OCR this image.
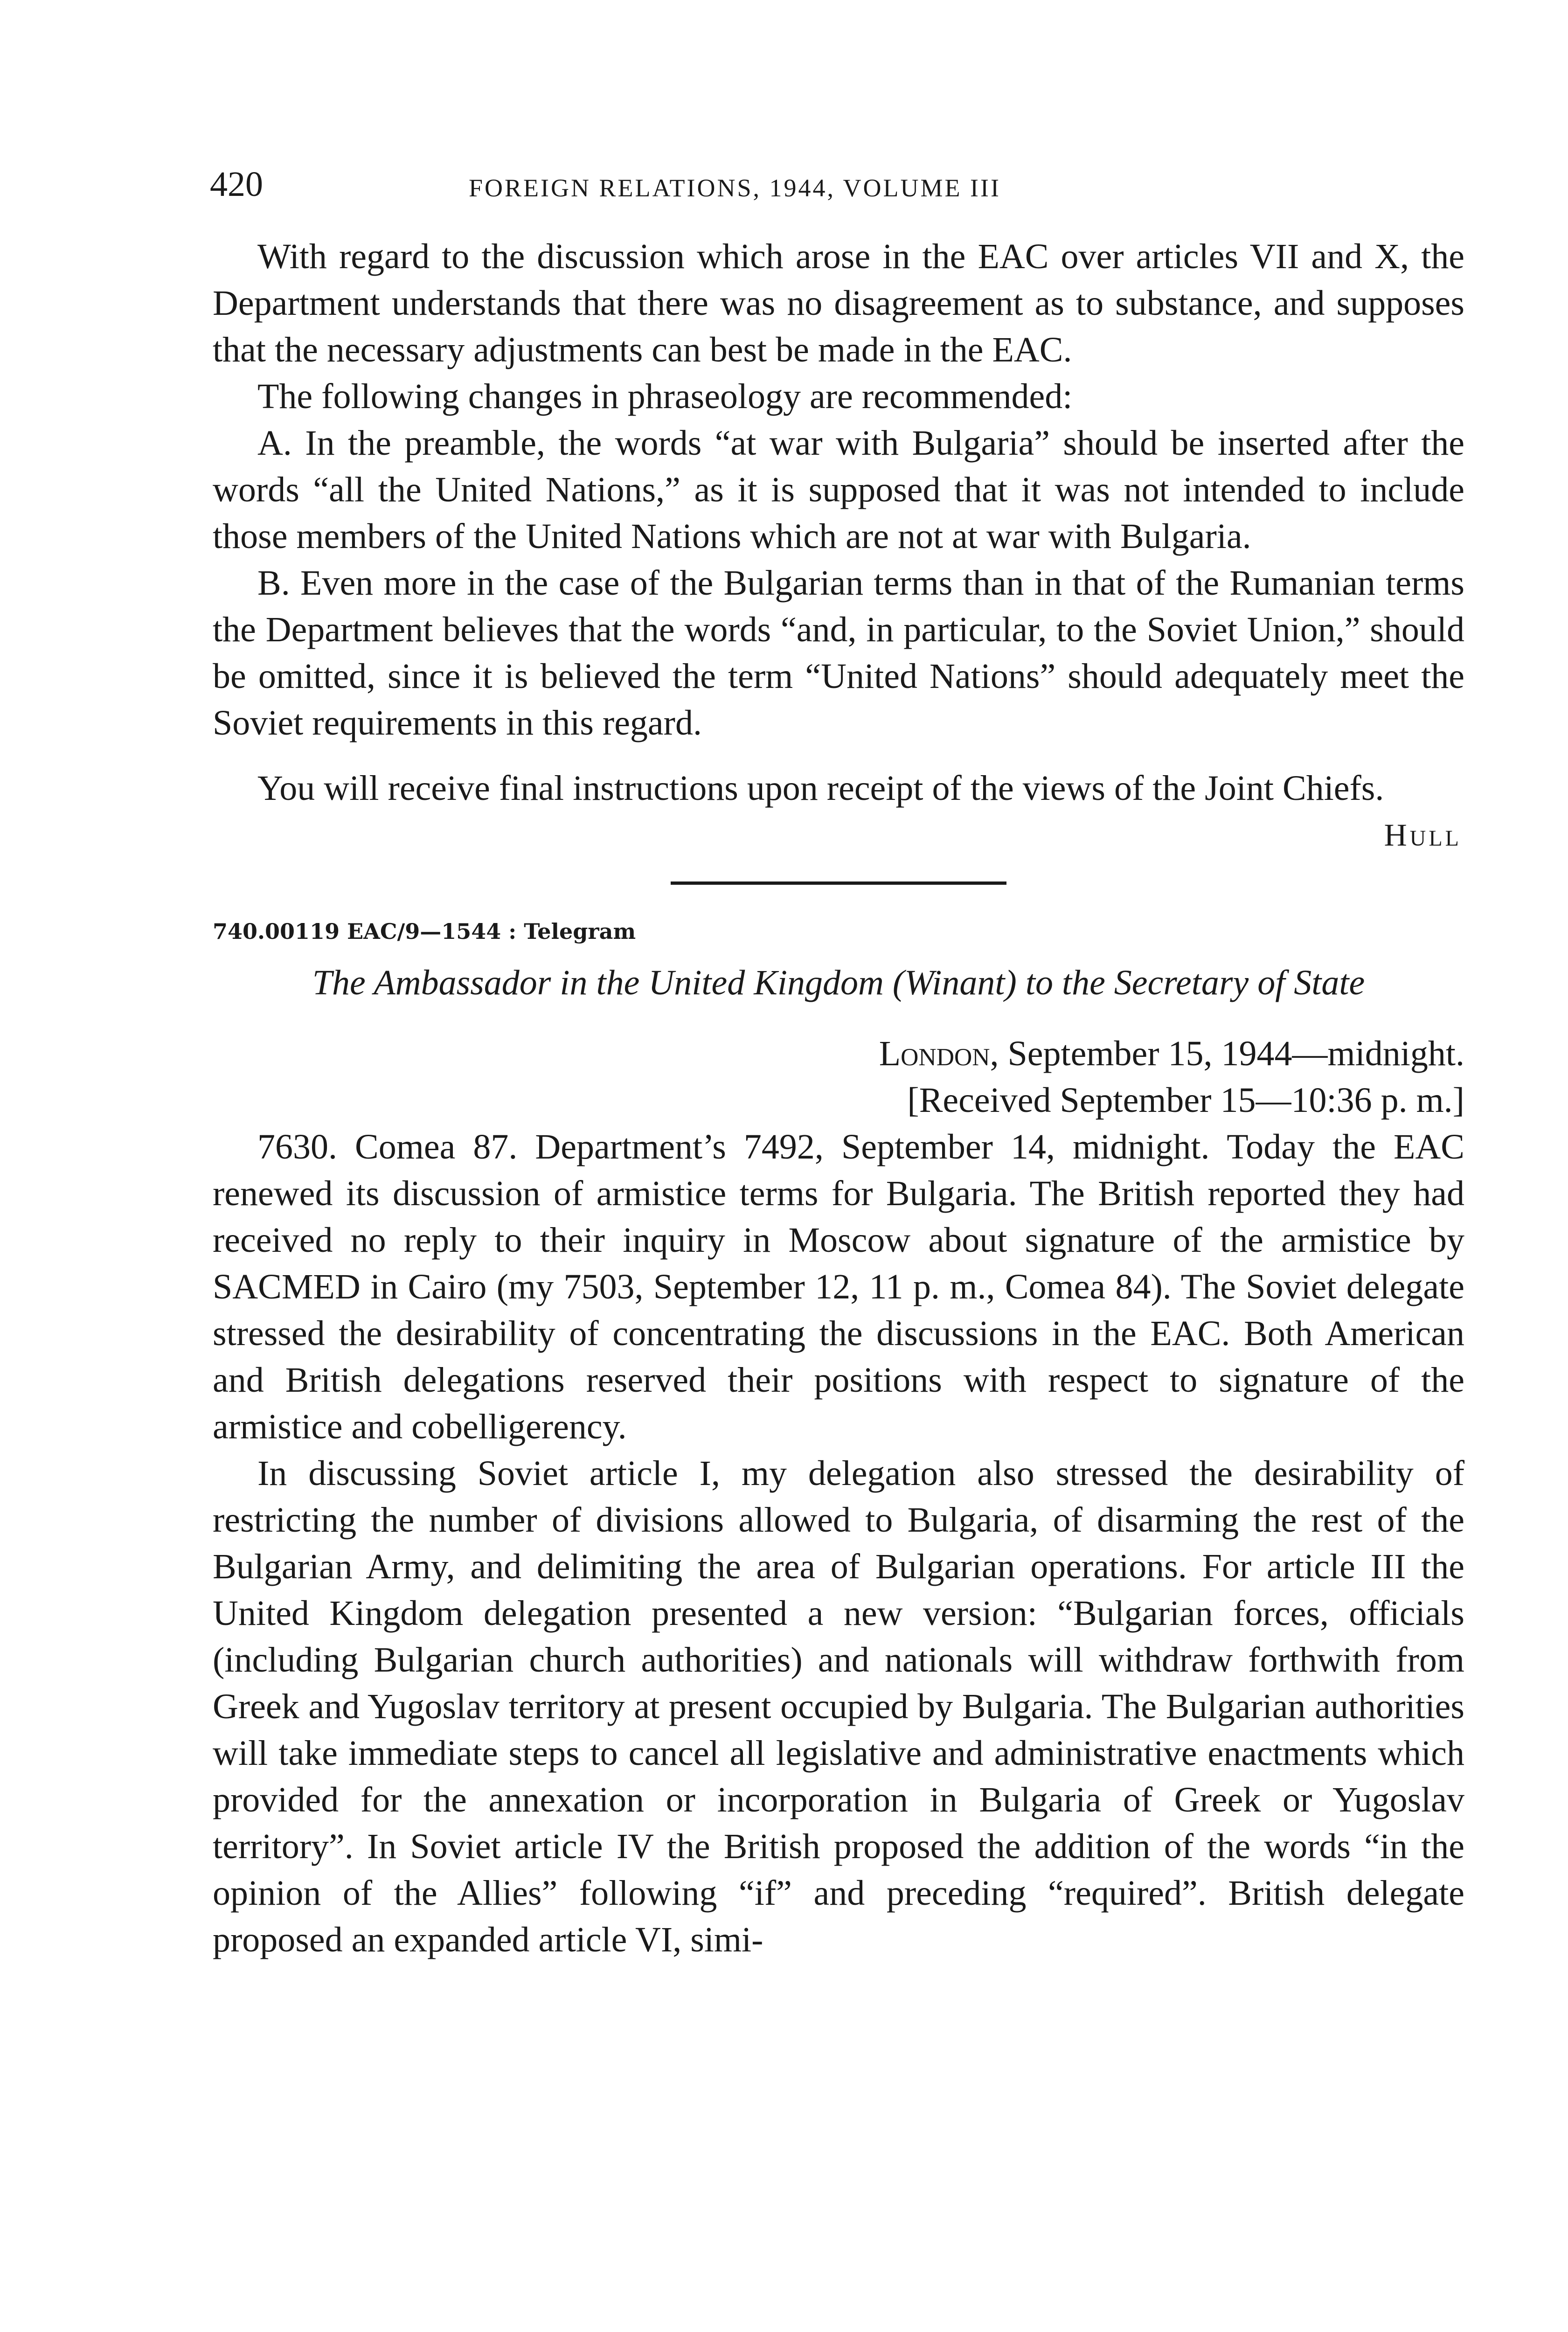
420	FOREIGN RELATIONS, 1944, VOLUME III

With regard to the discussion which arose in the EAC over articles VII and X, the Department understands that there was no disagreement as to substance, and supposes that the necessary adjustments can best be made in the EAC.

The following changes in phraseology are recommended:

A. In the preamble, the words “at war with Bulgaria” should be inserted after the words “all the United Nations,” as it is supposed that it was not intended to include those members of the United Nations which are not at war with Bulgaria.

B. Even more in the case of the Bulgarian terms than in that of the Rumanian terms the Department believes that the words “and, in particular, to the Soviet Union,” should be omitted, since it is believed the term “United Nations” should adequately meet the Soviet requirements in this regard.

You will receive final instructions upon receipt of the views of the Joint Chiefs.

Hull
740.00119 EAC/9—1544 : Telegram
The Ambassador in the United Kingdom (Winant) to the Secretary of State
London, September 15, 1944—midnight.
[Received September 15—10:36 p. m.]

7630. Comea 87. Department’s 7492, September 14, midnight. Today the EAC renewed its discussion of armistice terms for Bulgaria. The British reported they had received no reply to their inquiry in Moscow about signature of the armistice by SACMED in Cairo (my 7503, September 12, 11 p. m., Comea 84). The Soviet delegate stressed the desirability of concentrating the discussions in the EAC. Both American and British delegations reserved their positions with respect to signature of the armistice and cobelligerency.

In discussing Soviet article I, my delegation also stressed the desirability of restricting the number of divisions allowed to Bulgaria, of disarming the rest of the Bulgarian Army, and delimiting the area of Bulgarian operations. For article III the United Kingdom delegation presented a new version: “Bulgarian forces, officials (including Bulgarian church authorities) and nationals will withdraw forthwith from Greek and Yugoslav territory at present occupied by Bulgaria. The Bulgarian authorities will take immediate steps to cancel all legislative and administrative enactments which provided for the annexation or incorporation in Bulgaria of Greek or Yugoslav territory”. In Soviet article IV the British proposed the addition of the words “in the opinion of the Allies” following “if” and preceding “required”. British delegate proposed an expanded article VI, simi-
